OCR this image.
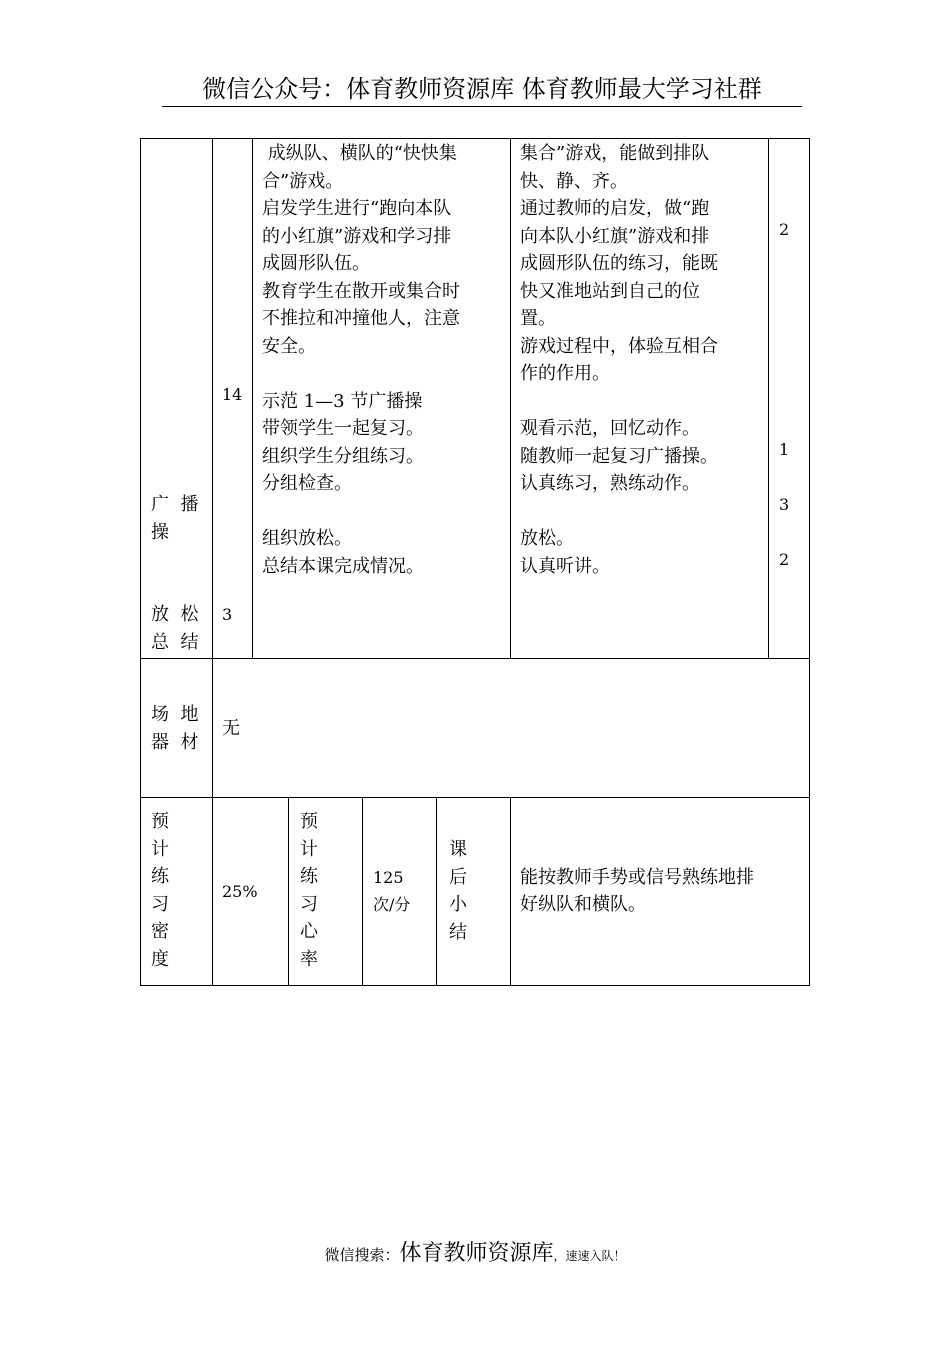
微信公众号：体育教师资源库 体育教师最大学习社群
广  播
操
放  松
总  结
14
3
成纵队、横队的“快快集
合”游戏。
启发学生进行“跑向本队
的小红旗”游戏和学习排
成圆形队伍。
教育学生在散开或集合时
不推拉和冲撞他人，注意
安全。
示范 1—3 节广播操
带领学生一起复习。
组织学生分组练习。
分组检查。
组织放松。
总结本课完成情况。
集合”游戏，能做到排队
快、静、齐。
通过教师的启发，做“跑
向本队小红旗”游戏和排
成圆形队伍的练习，能既
快又准地站到自己的位
置。
游戏过程中，体验互相合
作的作用。
观看示范，回忆动作。
随教师一起复习广播操。
认真练习，熟练动作。
放松。
认真听讲。
2
1
3
2
场  地
器  材
无
预
计
练
习
密
度
25%
预
计
练
习
心
率
125
次/分
课
后
小
结
能按教师手势或信号熟练地排
好纵队和横队。
微信搜索：体育教师资源库，速速入队！
